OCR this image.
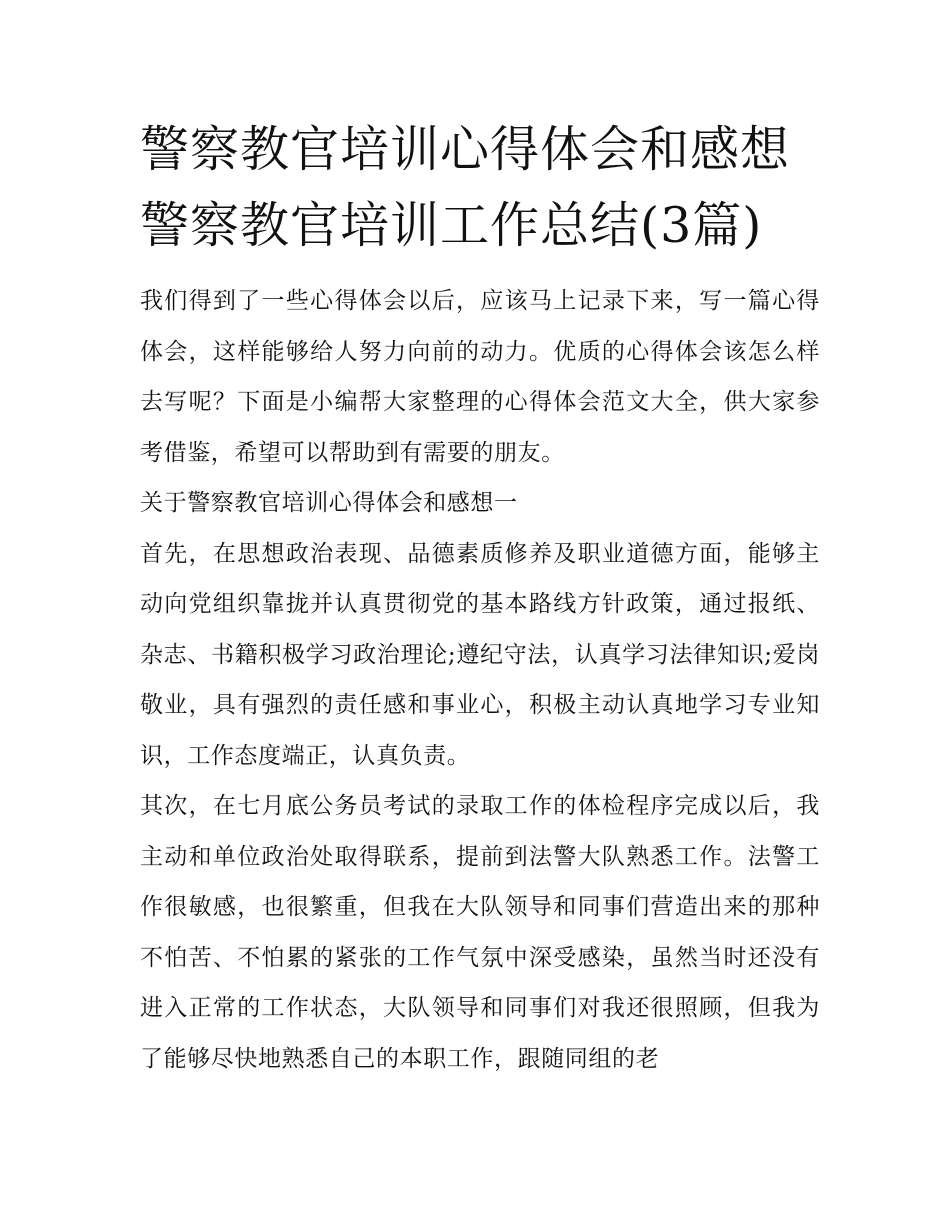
警察教官培训心得体会和感想
警察教官培训工作总结(3篇)

我们得到了一些心得体会以后，应该马上记录下来，写一篇心得体会，这样能够给人努力向前的动力。优质的心得体会该怎么样去写呢？下面是小编帮大家整理的心得体会范文大全，供大家参考借鉴，希望可以帮助到有需要的朋友。

关于警察教官培训心得体会和感想一

首先，在思想政治表现、品德素质修养及职业道德方面，能够主动向党组织靠拢并认真贯彻党的基本路线方针政策，通过报纸、杂志、书籍积极学习政治理论;遵纪守法，认真学习法律知识;爱岗敬业，具有强烈的责任感和事业心，积极主动认真地学习专业知识，工作态度端正，认真负责。

其次，在七月底公务员考试的录取工作的体检程序完成以后，我主动和单位政治处取得联系，提前到法警大队熟悉工作。法警工作很敏感，也很繁重，但我在大队领导和同事们营造出来的那种不怕苦、不怕累的紧张的工作气氛中深受感染，虽然当时还没有进入正常的工作状态，大队领导和同事们对我还很照顾，但我为了能够尽快地熟悉自己的本职工作，跟随同组的老
